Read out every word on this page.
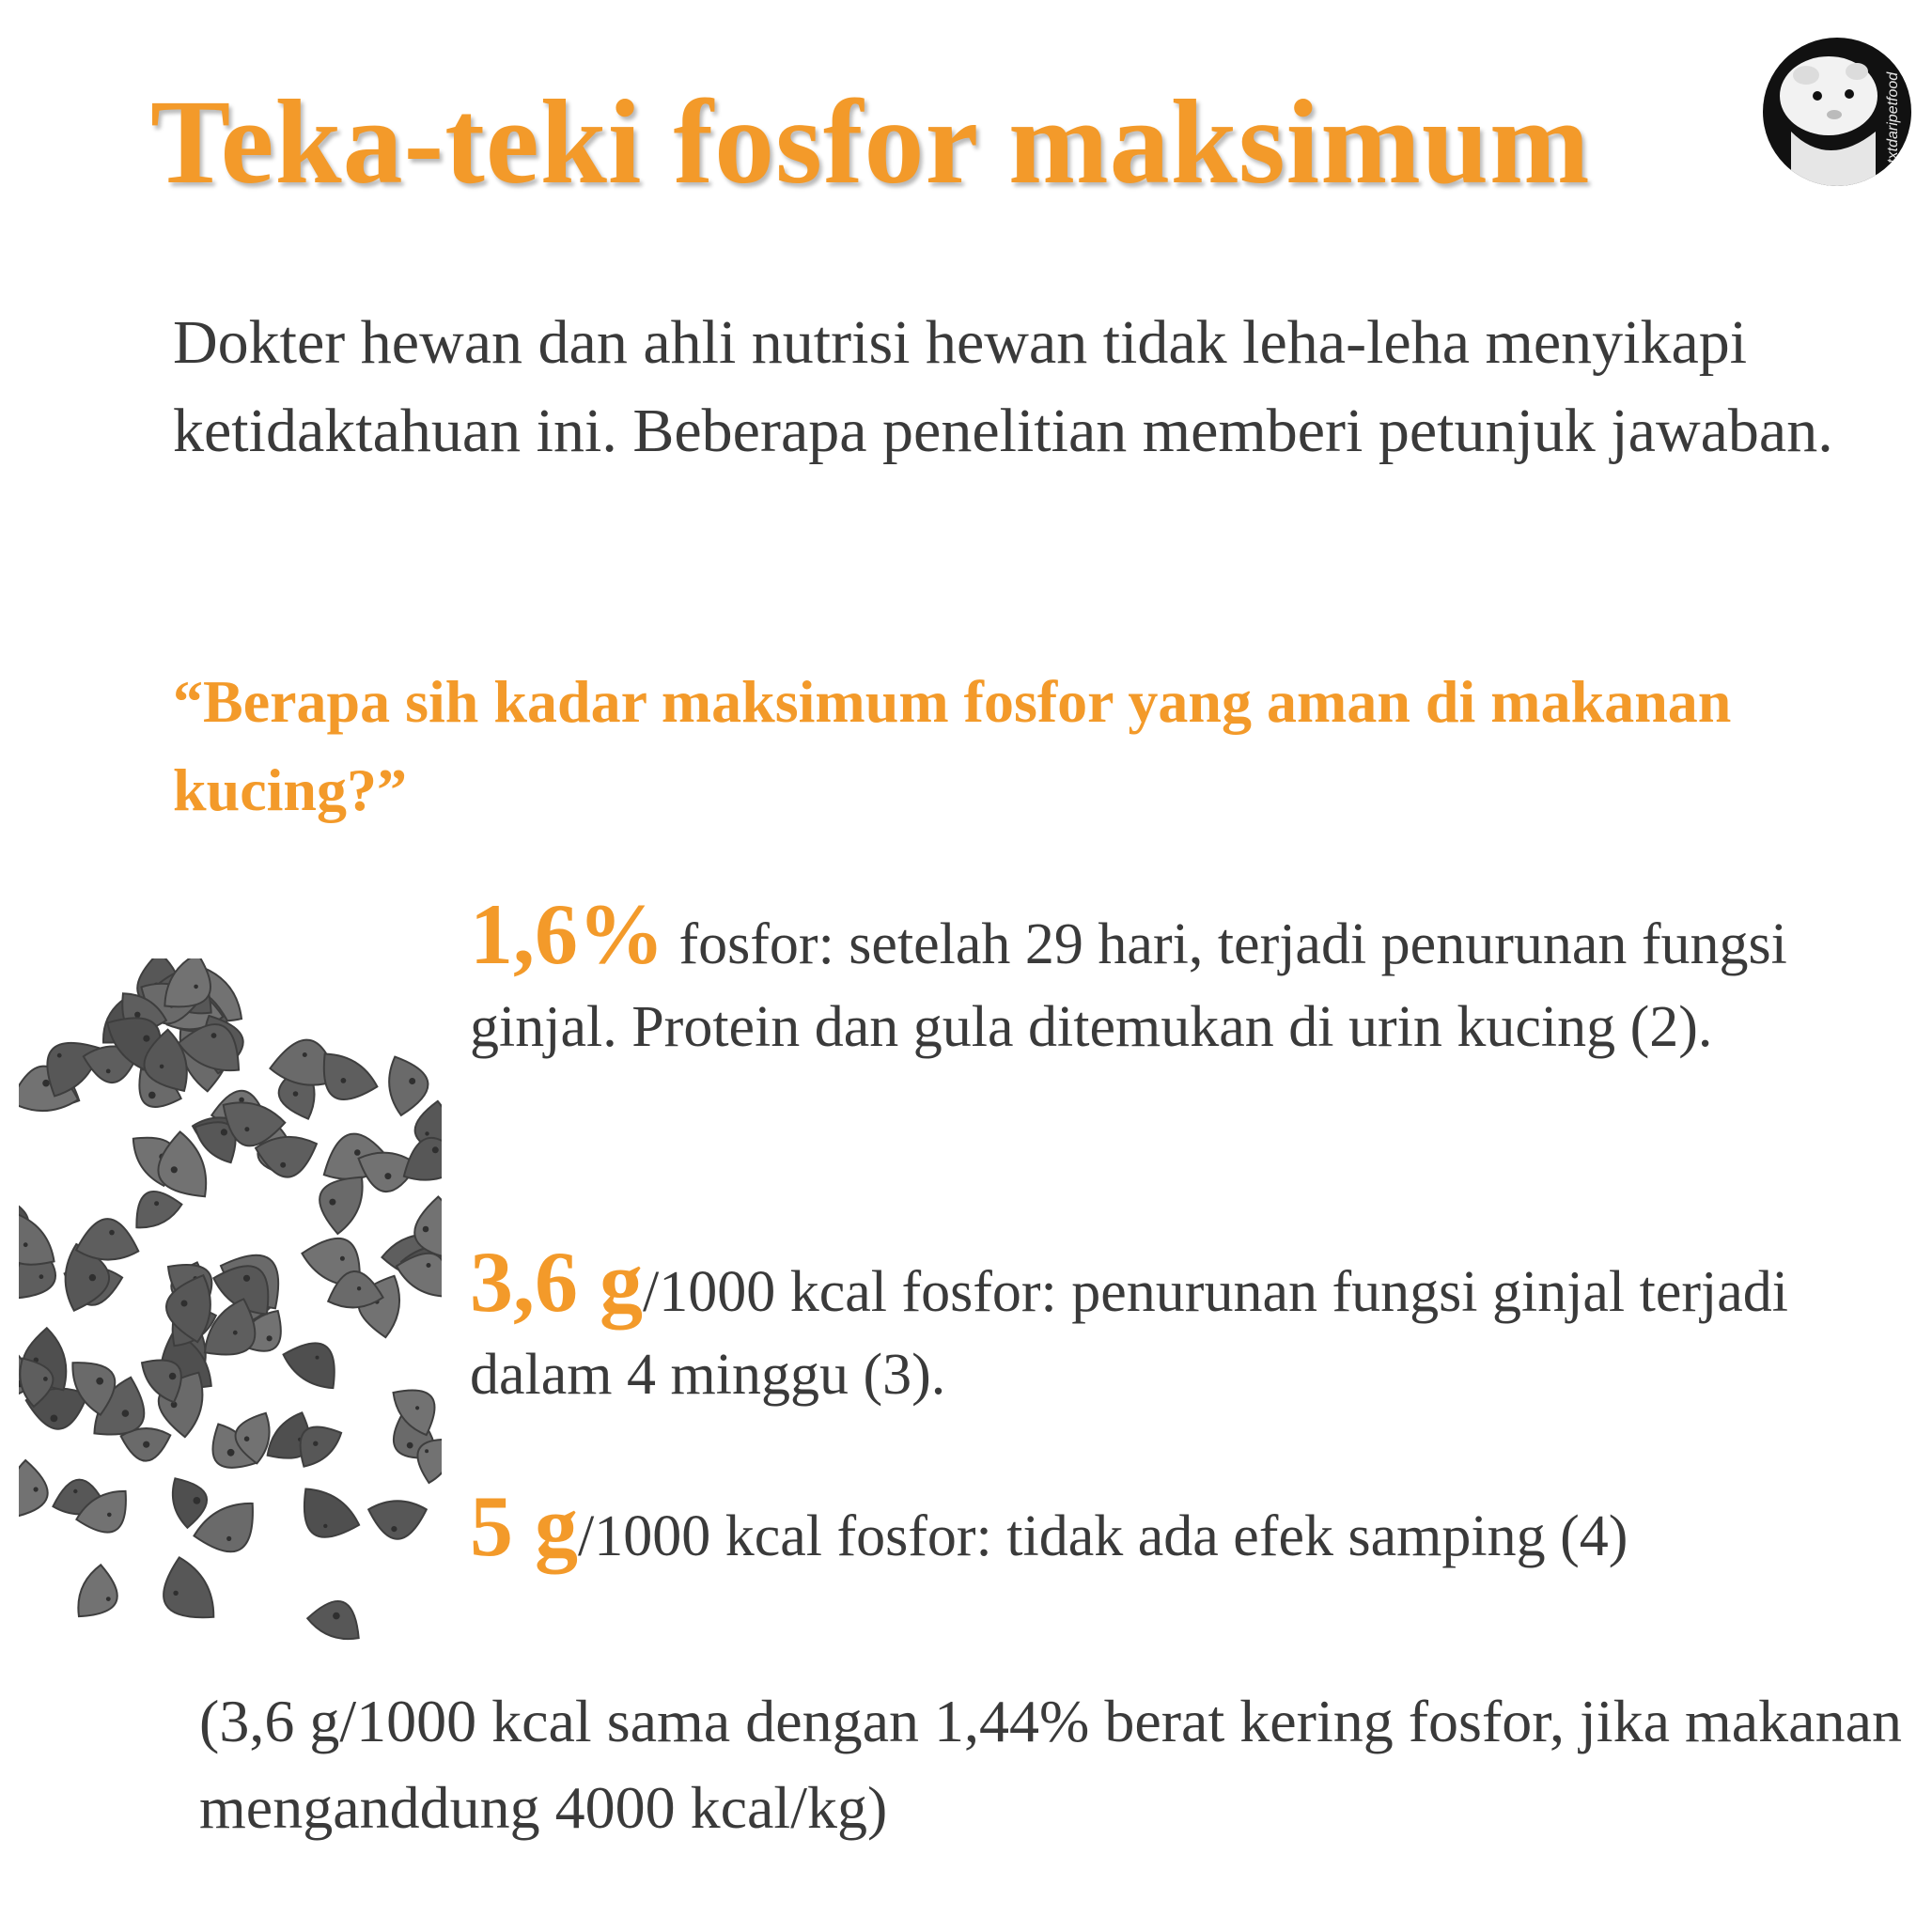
Teka-teki fosfor maksimum	@txtdaripetfood
Dokter hewan dan ahli nutrisi hewan tidak leha-leha menyikapi ketidaktahuan ini. Beberapa penelitian memberi petunjuk jawaban.
“Berapa sih kadar maksimum fosfor yang aman di makanan kucing?”
1,6% fosfor: setelah 29 hari, terjadi penurunan fungsi ginjal. Protein dan gula ditemukan di urin kucing (2).
3,6 g/1000 kcal fosfor: penurunan fungsi ginjal terjadi dalam 4 minggu (3).
5 g/1000 kcal fosfor: tidak ada efek samping (4)
(3,6 g/1000 kcal sama dengan 1,44% berat kering fosfor, jika makanan menganddung 4000 kcal/kg)
